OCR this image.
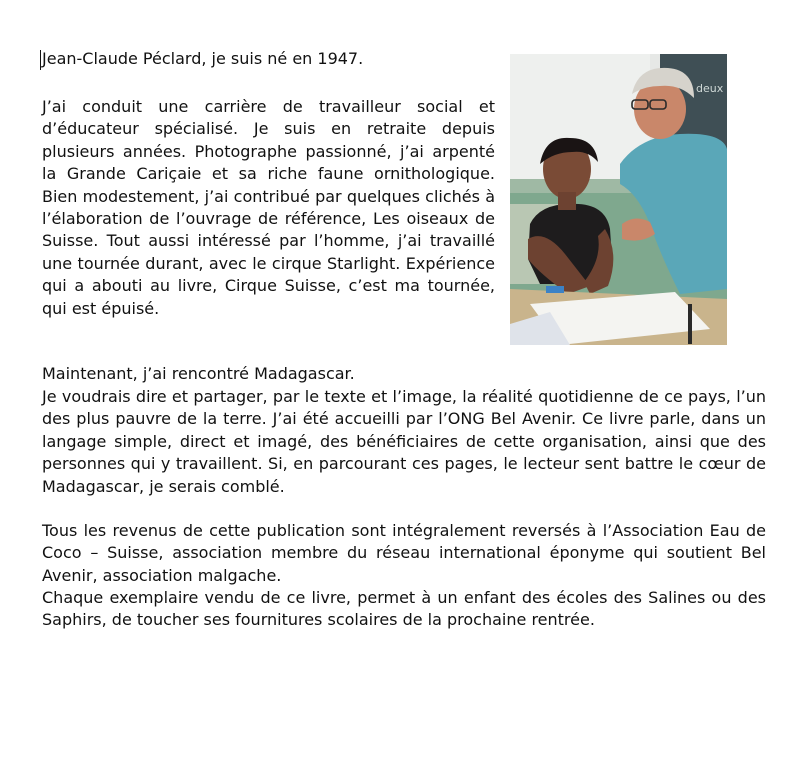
Jean-Claude Péclard, je suis né en 1947.

J’ai conduit une carrière de travailleur social et d’éducateur spécialisé. Je suis en retraite depuis plusieurs années. Photographe passionné, j’ai arpenté la Grande Cariçaie et sa riche faune ornithologique. Bien modestement, j’ai contribué par quelques clichés à l’élaboration de l’ouvrage de référence, Les oiseaux de Suisse. Tout aussi intéressé par l’homme, j’ai travaillé une tournée durant, avec le cirque Starlight. Expérience qui a abouti au livre, Cirque Suisse, c’est ma tournée, qui est épuisé.

deux

Maintenant, j’ai rencontré Madagascar.

Je voudrais dire et partager, par le texte et l’image, la réalité quotidienne de ce pays, l’un des plus pauvre de la terre. J’ai été accueilli par l’ONG Bel Avenir. Ce livre parle, dans un langage simple, direct et imagé, des bénéficiaires de cette organisation, ainsi que des personnes qui y travaillent. Si, en parcourant ces pages, le lecteur sent battre le cœur de Madagascar, je serais comblé.

Tous les revenus de cette publication sont intégralement reversés à l’Association Eau de Coco – Suisse, association membre du réseau international éponyme qui soutient Bel Avenir, association malgache.

Chaque exemplaire vendu de ce livre, permet à un enfant des écoles des Salines ou des Saphirs, de toucher ses fournitures scolaires de la prochaine rentrée.
